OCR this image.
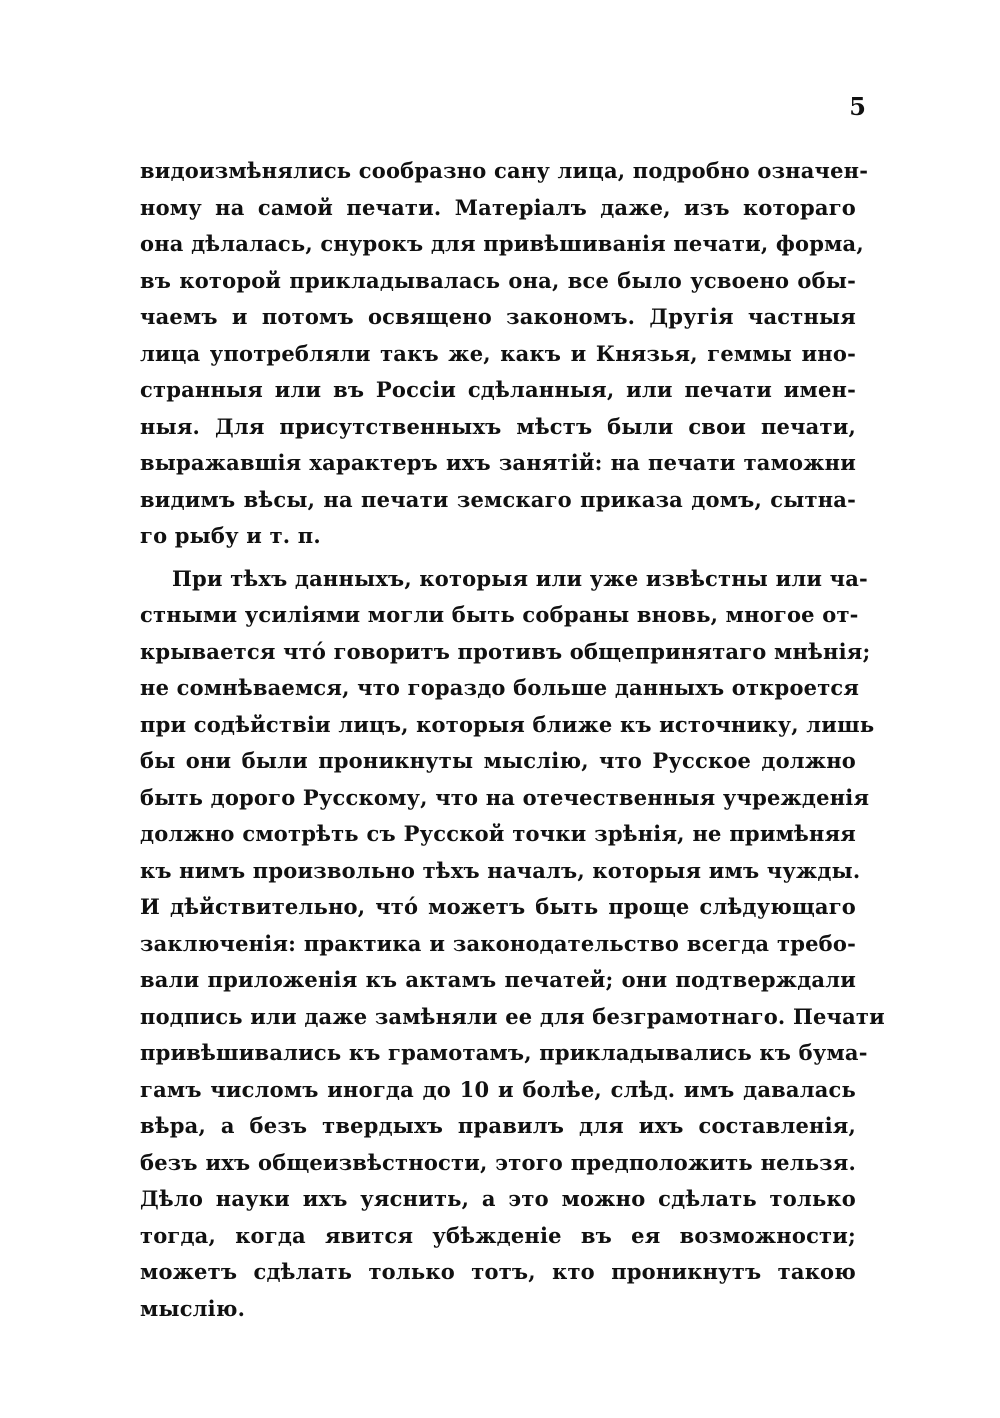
5
видоизмѣнялись сообразно сану лица, подробно означен-
ному на самой печати. Матеріалъ даже, изъ котораго
она дѣлалась, снурокъ для привѣшиванія печати, форма,
въ которой прикладывалась она, все было усвоено обы-
чаемъ и потомъ освящено закономъ. Другія частныя
лица употребляли такъ же, какъ и Князья, геммы ино-
странныя или въ Россіи сдѣланныя, или печати имен-
ныя. Для присутственныхъ мѣстъ были свои печати,
выражавшія характеръ ихъ занятій: на печати таможни
видимъ вѣсы, на печати земскаго приказа домъ, сытна-
го рыбу и т. п.
При тѣхъ данныхъ, которыя или уже извѣстны или ча-
стными усиліями могли быть собраны вновь, многое от-
крывается что́ говоритъ противъ общепринятаго мнѣнія;
не сомнѣваемся, что гораздо больше данныхъ откроется
при содѣйствіи лицъ, которыя ближе къ источнику, лишь
бы они были проникнуты мыслію, что Русское должно
быть дорого Русскому, что на отечественныя учрежденія
должно смотрѣть съ Русской точки зрѣнія, не примѣняя
къ нимъ произвольно тѣхъ началъ, которыя имъ чужды.
И дѣйствительно, что́ можетъ быть проще слѣдующаго
заключенія: практика и законодательство всегда требо-
вали приложенія къ актамъ печатей; они подтверждали
подпись или даже замѣняли ее для безграмотнаго. Печати
привѣшивались къ грамотамъ, прикладывались къ бума-
гамъ числомъ иногда до 10 и болѣе, слѣд. имъ давалась
вѣра, а безъ твердыхъ правилъ для ихъ составленія,
безъ ихъ общеизвѣстности, этого предположить нельзя.
Дѣло науки ихъ уяснить, а это можно сдѣлать только
тогда, когда явится убѣжденіе въ ея возможности;
можетъ сдѣлать только тотъ, кто проникнутъ такою
мыслію.
